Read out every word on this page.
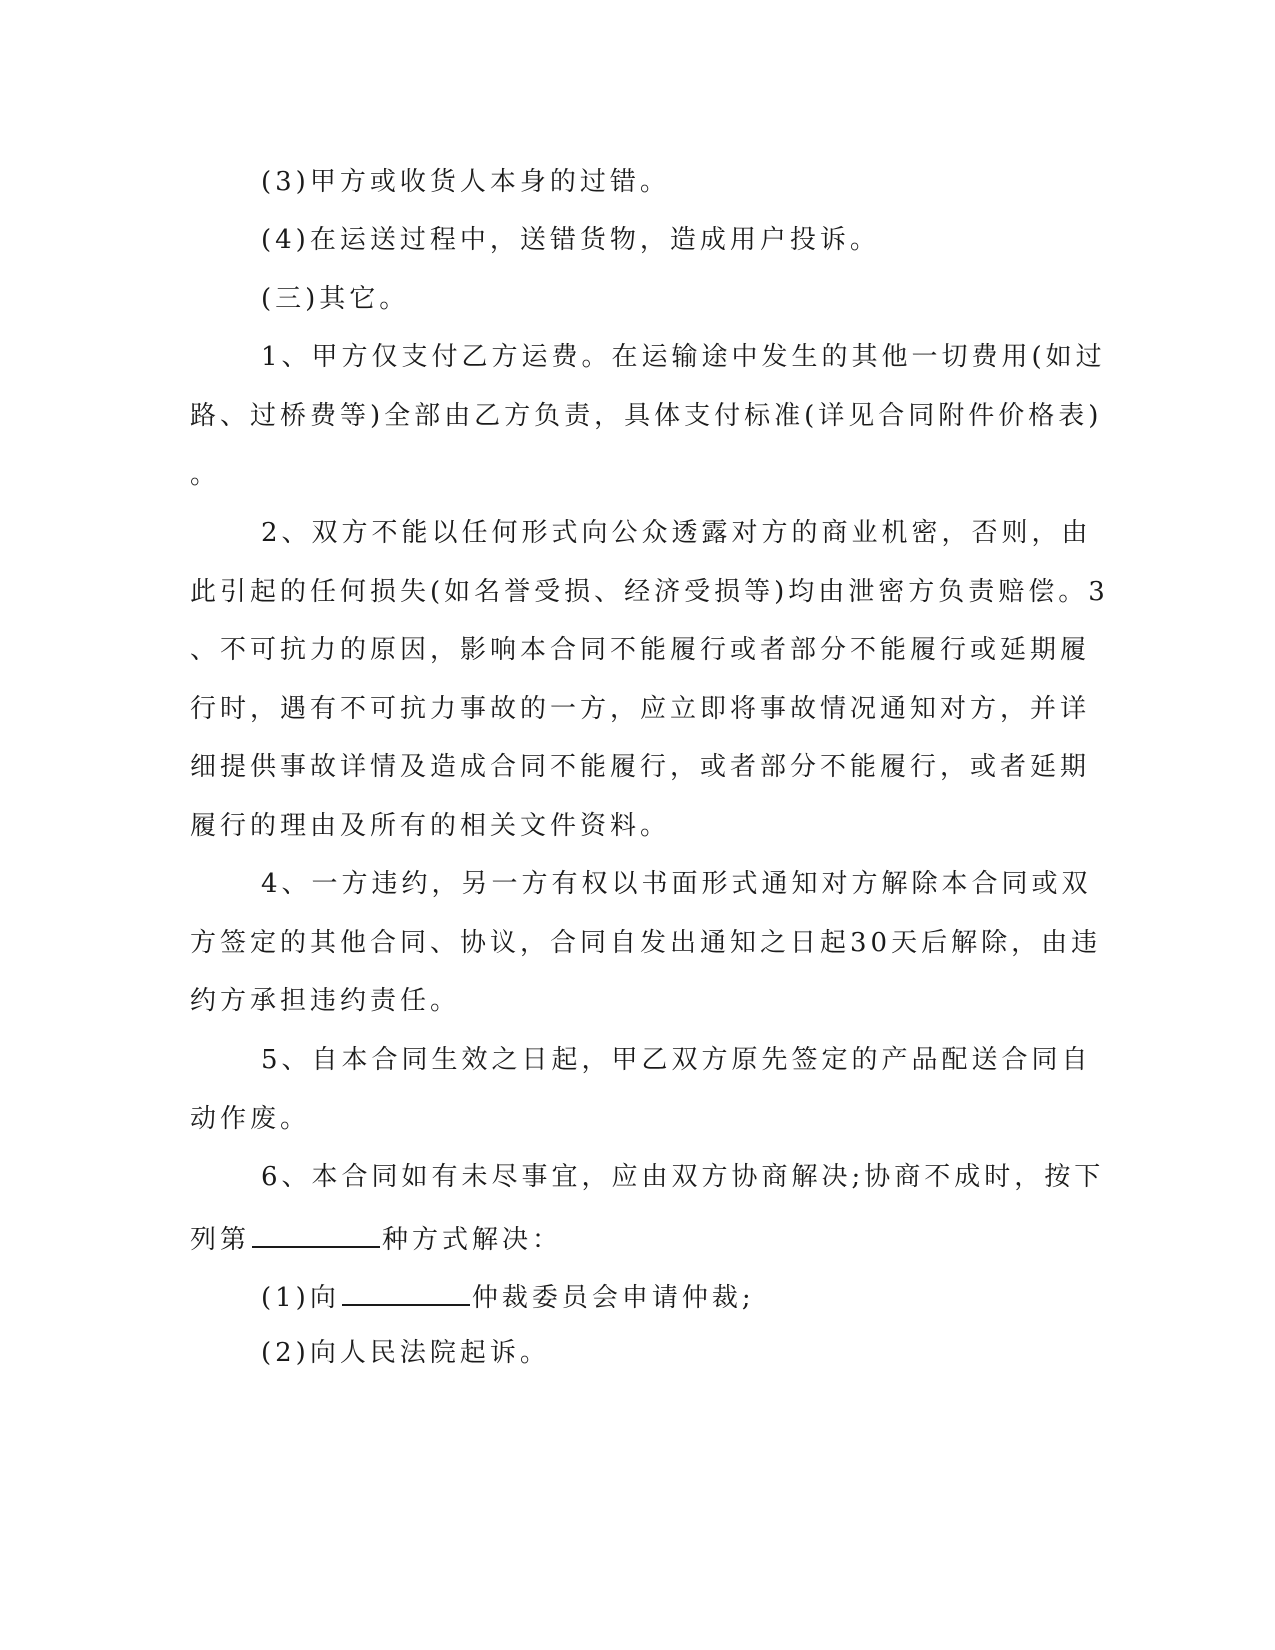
(3)甲方或收货人本身的过错。
(4)在运送过程中，送错货物，造成用户投诉。
(三)其它。
1、甲方仅支付乙方运费。在运输途中发生的其他一切费用(如过
路、过桥费等)全部由乙方负责，具体支付标准(详见合同附件价格表)
。
2、双方不能以任何形式向公众透露对方的商业机密，否则，由
此引起的任何损失(如名誉受损、经济受损等)均由泄密方负责赔偿。3
、不可抗力的原因，影响本合同不能履行或者部分不能履行或延期履
行时，遇有不可抗力事故的一方，应立即将事故情况通知对方，并详
细提供事故详情及造成合同不能履行，或者部分不能履行，或者延期
履行的理由及所有的相关文件资料。
4、一方违约，另一方有权以书面形式通知对方解除本合同或双
方签定的其他合同、协议，合同自发出通知之日起30天后解除，由违
约方承担违约责任。
5、自本合同生效之日起，甲乙双方原先签定的产品配送合同自
动作废。
6、本合同如有未尽事宜，应由双方协商解决;协商不成时，按下
列第	种方式解决：
(1)向	仲裁委员会申请仲裁;
(2)向人民法院起诉。
